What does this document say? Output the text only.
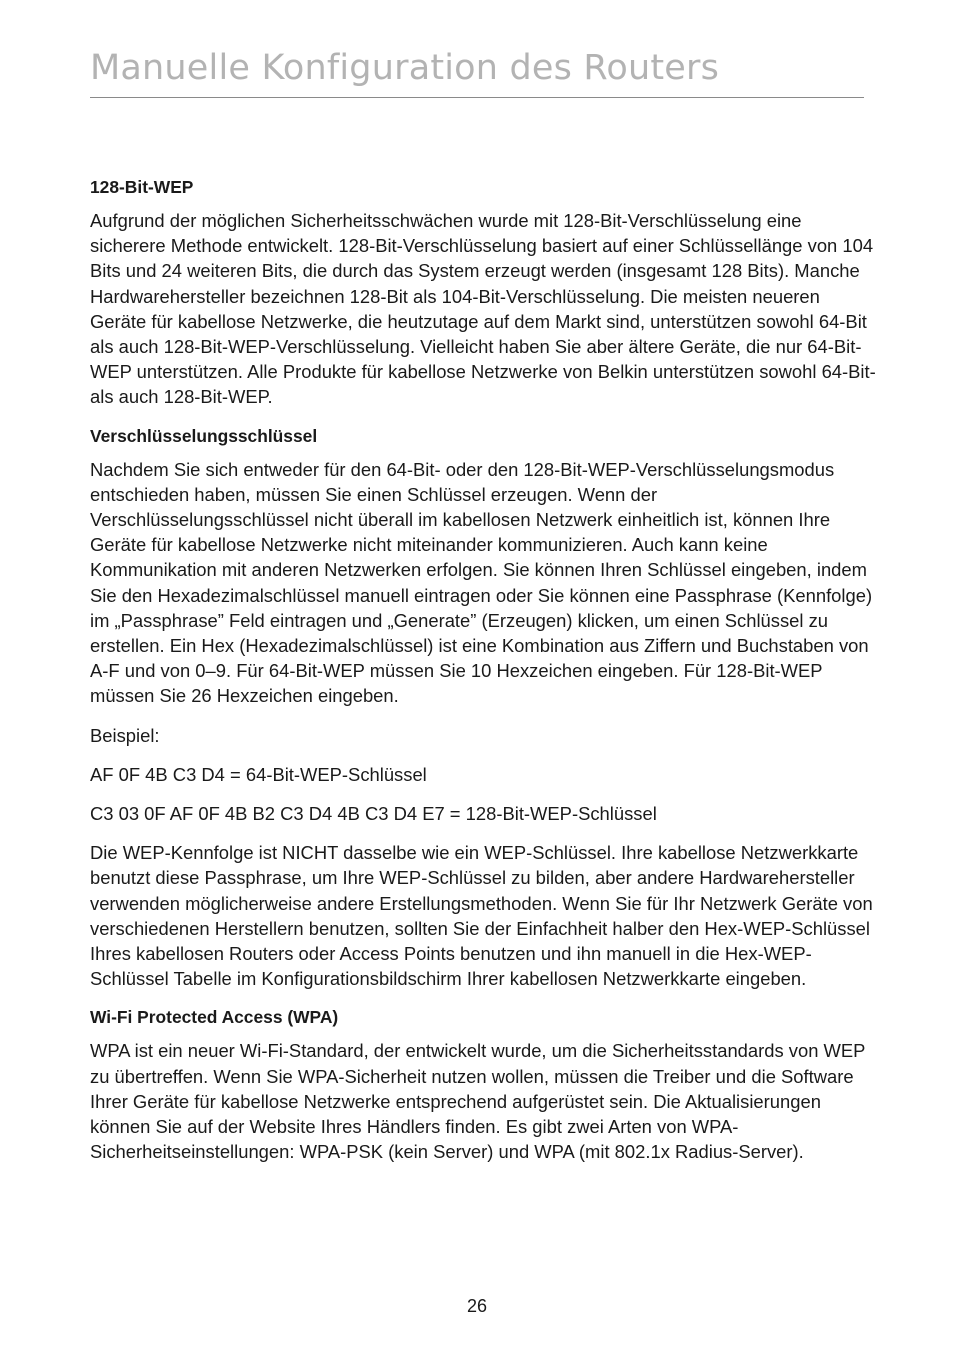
Manuelle Konfiguration des Routers
128-Bit-WEP

Aufgrund der möglichen Sicherheitsschwächen wurde mit 128-Bit-Verschlüsselung eine sicherere Methode entwickelt. 128-Bit-Verschlüsselung basiert auf einer Schlüssellänge von 104 Bits und 24 weiteren Bits, die durch das System erzeugt werden (insgesamt 128 Bits). Manche Hardwarehersteller bezeichnen 128-Bit als 104-Bit-Verschlüsselung. Die meisten neueren Geräte für kabellose Netzwerke, die heutzutage auf dem Markt sind, unterstützen sowohl 64-Bit als auch 128-Bit-WEP-Verschlüsselung. Vielleicht haben Sie aber ältere Geräte, die nur 64-Bit-WEP unterstützen. Alle Produkte für kabellose Netzwerke von Belkin unterstützen sowohl 64-Bit- als auch 128-Bit-WEP.

Verschlüsselungsschlüssel

Nachdem Sie sich entweder für den 64-Bit- oder den 128-Bit-WEP-Verschlüsselungsmodus entschieden haben, müssen Sie einen Schlüssel erzeugen. Wenn der Verschlüsselungsschlüssel nicht überall im kabellosen Netzwerk einheitlich ist, können Ihre Geräte für kabellose Netzwerke nicht miteinander kommunizieren. Auch kann keine Kommunikation mit anderen Netzwerken erfolgen. Sie können Ihren Schlüssel eingeben, indem Sie den Hexadezimalschlüssel manuell eintragen oder Sie können eine Passphrase (Kennfolge) im „Passphrase” Feld eintragen und „Generate” (Erzeugen) klicken, um einen Schlüssel zu erstellen. Ein Hex (Hexadezimalschlüssel) ist eine Kombination aus Ziffern und Buchstaben von A-F und von 0–9. Für 64-Bit-WEP müssen Sie 10 Hexzeichen eingeben. Für 128-Bit-WEP müssen Sie 26 Hexzeichen eingeben.

Beispiel:

AF 0F 4B C3 D4 = 64-Bit-WEP-Schlüssel

C3 03 0F AF 0F 4B B2 C3 D4 4B C3 D4 E7 = 128-Bit-WEP-Schlüssel

Die WEP-Kennfolge ist NICHT dasselbe wie ein WEP-Schlüssel. Ihre kabellose Netzwerkkarte benutzt diese Passphrase, um Ihre WEP-Schlüssel zu bilden, aber andere Hardwarehersteller verwenden möglicherweise andere Erstellungsmethoden. Wenn Sie für Ihr Netzwerk Geräte von verschiedenen Herstellern benutzen, sollten Sie der Einfachheit halber den Hex-WEP-Schlüssel Ihres kabellosen Routers oder Access Points benutzen und ihn manuell in die Hex-WEP-Schlüssel Tabelle im Konfigurationsbildschirm Ihrer kabellosen Netzwerkkarte eingeben.

Wi-Fi Protected Access (WPA)

WPA ist ein neuer Wi-Fi-Standard, der entwickelt wurde, um die Sicherheitsstandards von WEP zu übertreffen. Wenn Sie WPA-Sicherheit nutzen wollen, müssen die Treiber und die Software Ihrer Geräte für kabellose Netzwerke entsprechend aufgerüstet sein. Die Aktualisierungen können Sie auf der Website Ihres Händlers finden. Es gibt zwei Arten von WPA-Sicherheitseinstellungen: WPA-PSK (kein Server) und WPA (mit 802.1x Radius-Server).

26
